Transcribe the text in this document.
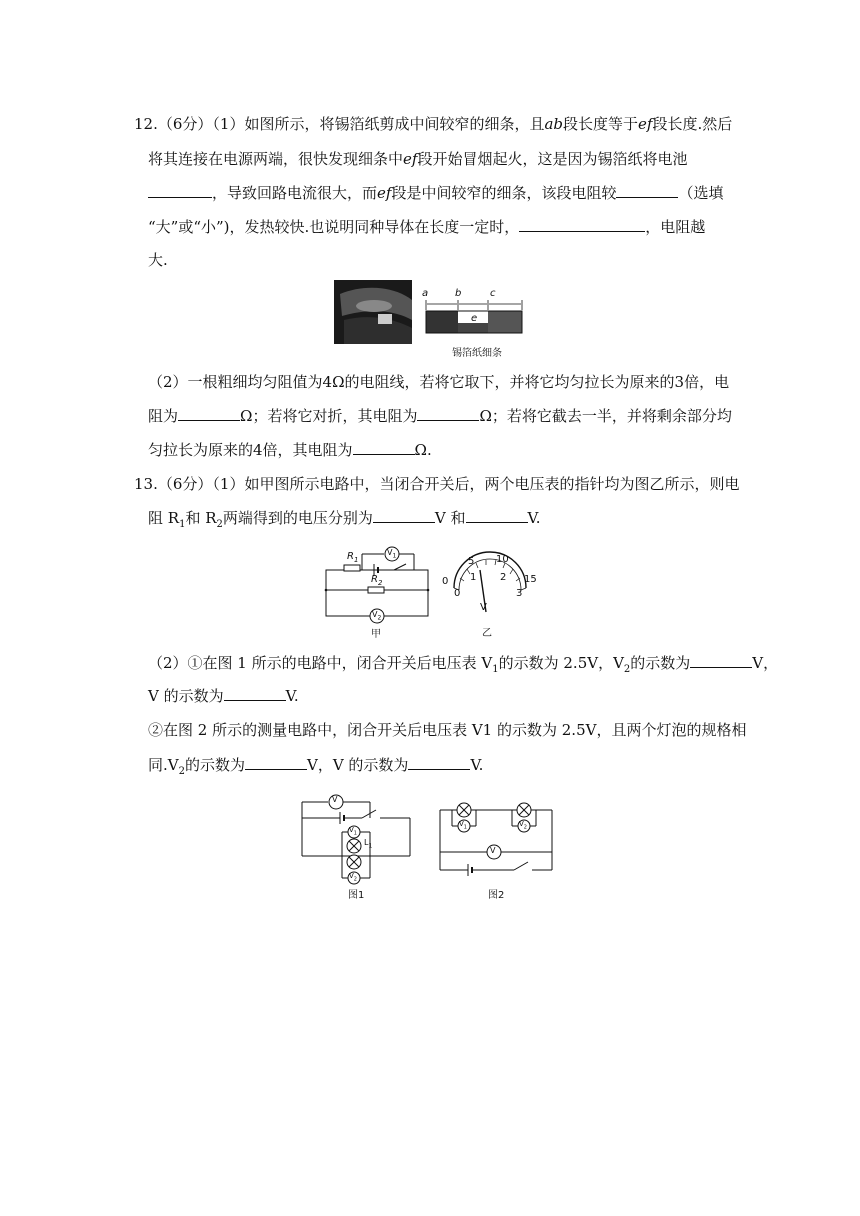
12.（6分）（1）如图所示，将锡箔纸剪成中间较窄的细条，且ab段长度等于ef段长度.然后
将其连接在电源两端，很快发现细条中ef段开始冒烟起火，这是因为锡箔纸将电池
，导致回路电流很大，而ef段是中间较窄的细条，该段电阻较	（选填
“大”或“小”)，发热较快.也说明同种导体在长度一定时，	，电阻越
大.
a	b	c
e
锡箔纸细条
（2）一根粗细均匀阻值为4Ω的电阻线，若将它取下，并将它均匀拉长为原来的3倍，电
阻为	Ω；若将它对折，其电阻为	Ω；若将它截去一半，并将剩余部分均
匀拉长为原来的4倍，其电阻为	Ω.
13.（6分）（1）如甲图所示电路中，当闭合开关后，两个电压表的指针均为图乙所示，则电
阻 $R_1$和 $R_2$两端得到的电压分别为	V 和	V.
$R_1$
$R_2$
$V_1$
$V_2$
甲
0
5 10
15
0
1 2
3
V
乙
（2）①在图 1 所示的电路中，闭合开关后电压表 $V_1$的示数为 2.5V，$V_2$的示数为	V，
V 的示数为	V.
②在图 2 所示的测量电路中，闭合开关后电压表 V1 的示数为 2.5V，且两个灯泡的规格相
同$.V_2$的示数为	V，V 的示数为	V.
V
$V_1$
$L_1$
$V_2$
图1
$V_1$	$V_2$
V
图2
